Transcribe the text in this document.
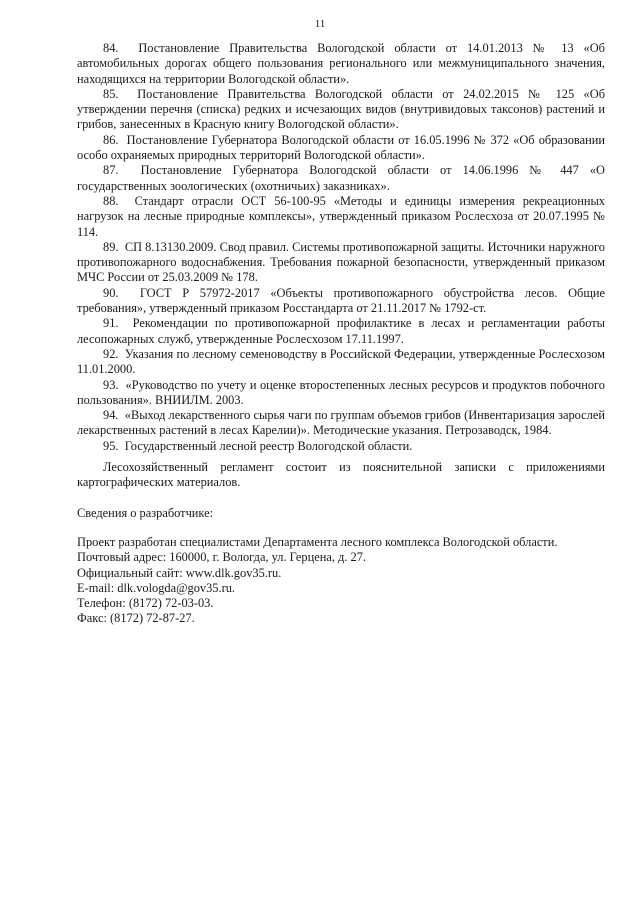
11

84. Постановление Правительства Вологодской области от 14.01.2013 № 13 «Об автомобильных дорогах общего пользования регионального или межмуниципального значения, находящихся на территории Вологодской области».

85. Постановление Правительства Вологодской области от 24.02.2015 № 125 «Об утверждении перечня (списка) редких и исчезающих видов (внутривидовых таксонов) растений и грибов, занесенных в Красную книгу Вологодской области».

86. Постановление Губернатора Вологодской области от 16.05.1996 № 372 «Об образовании особо охраняемых природных территорий Вологодской области».

87. Постановление Губернатора Вологодской области от 14.06.1996 № 447 «О государственных зоологических (охотничьих) заказниках».

88. Стандарт отрасли ОСТ 56-100-95 «Методы и единицы измерения рекреационных нагрузок на лесные природные комплексы», утвержденный приказом Рослесхоза от 20.07.1995 № 114.

89. СП 8.13130.2009. Свод правил. Системы противопожарной защиты. Источники наружного противопожарного водоснабжения. Требования пожарной безопасности, утвержденный приказом МЧС России от 25.03.2009 № 178.

90. ГОСТ Р 57972-2017 «Объекты противопожарного обустройства лесов. Общие требования», утвержденный приказом Росстандарта от 21.11.2017 № 1792-ст.

91. Рекомендации по противопожарной профилактике в лесах и регламентации работы лесопожарных служб, утвержденные Рослесхозом 17.11.1997.

92. Указания по лесному семеноводству в Российской Федерации, утвержденные Рослесхозом 11.01.2000.

93. «Руководство по учету и оценке второстепенных лесных ресурсов и продуктов побочного пользования». ВНИИЛМ. 2003.

94. «Выход лекарственного сырья чаги по группам объемов грибов (Инвентаризация зарослей лекарственных растений в лесах Карелии)». Методические указания. Петрозаводск, 1984.

95. Государственный лесной реестр Вологодской области.

Лесохозяйственный регламент состоит из пояснительной записки с приложениями картографических материалов.

Сведения о разработчике:

Проект разработан специалистами Департамента лесного комплекса Вологодской области.
Почтовый адрес: 160000, г. Вологда, ул. Герцена, д. 27.
Официальный сайт: www.dlk.gov35.ru.
E-mail: dlk.vologda@gov35.ru.
Телефон: (8172) 72-03-03.
Факс: (8172) 72-87-27.
